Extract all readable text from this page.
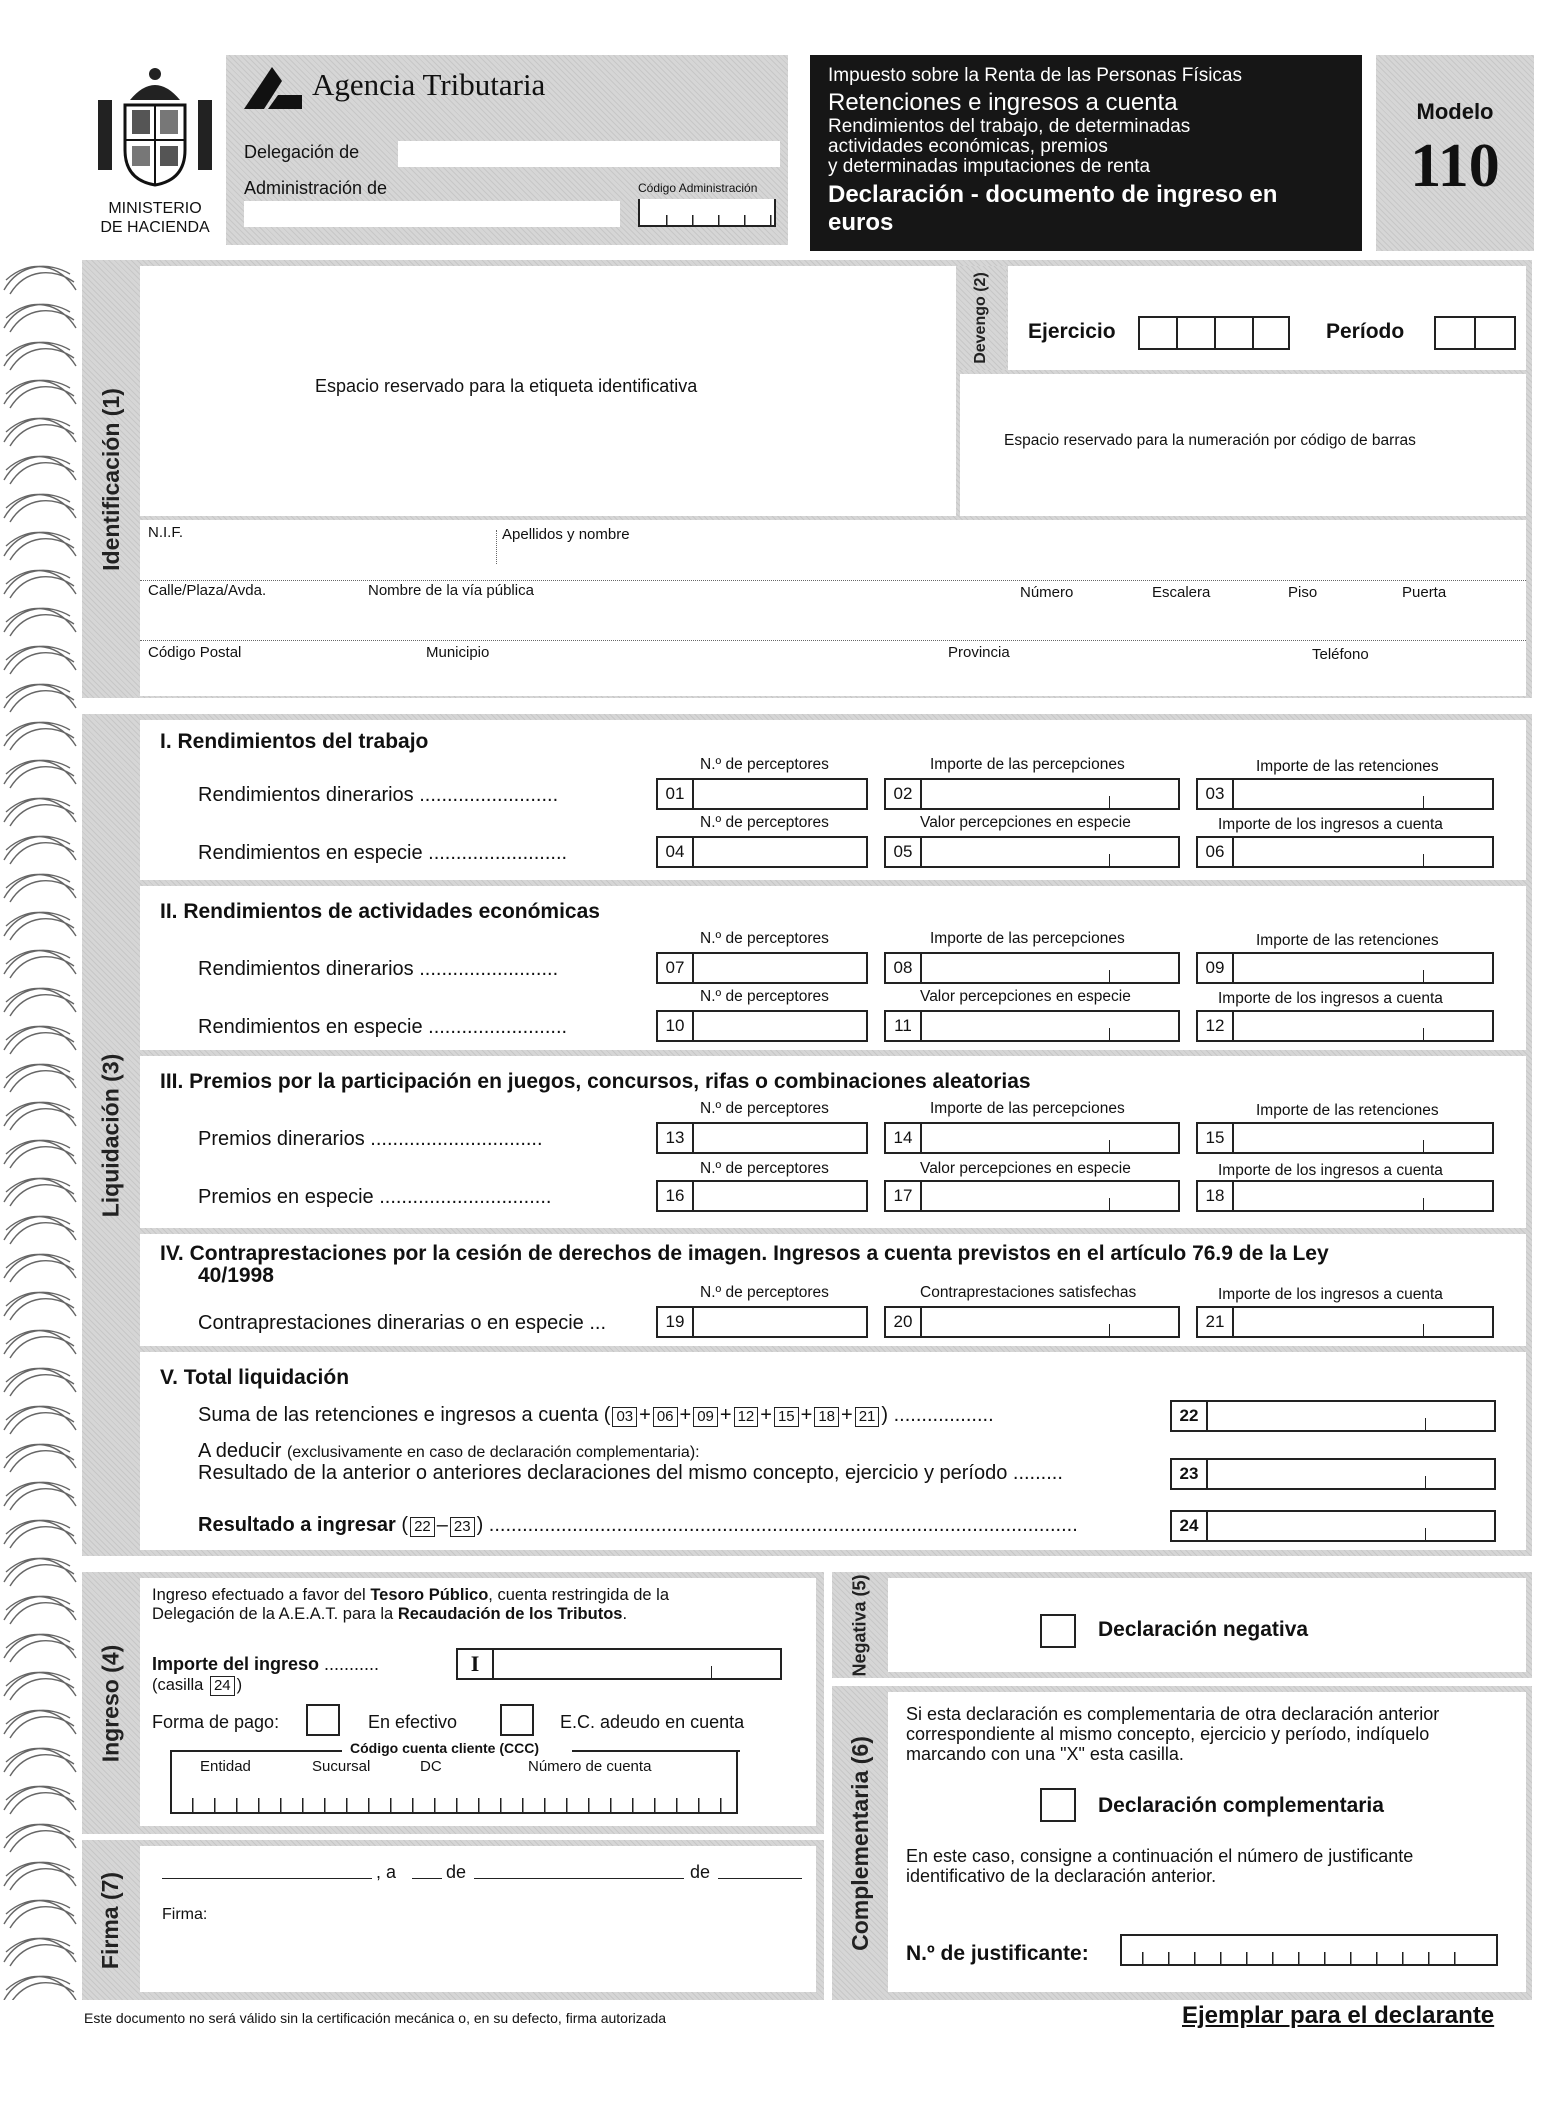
MINISTERIO
DE HACIENDA
Agencia Tributaria
Delegación de
Administración de	Código Administración
Impuesto sobre la Renta de las Personas Físicas
Retenciones e ingresos a cuenta
Rendimientos del trabajo, de determinadas
actividades económicas, premios
y determinadas imputaciones de renta
Declaración - documento de ingreso en euros
Modelo
110
Identificación (1)
Espacio reservado para la etiqueta identificativa
Devengo (2) Ejercicio	Período
Espacio reservado para la numeración por código de barras
N.I.F.	Apellidos y nombre
Calle/Plaza/Avda.	Nombre de la vía pública	Número	Escalera	Piso	Puerta
Código Postal	Municipio	Provincia	Teléfono
Liquidación (3)
I. Rendimientos del trabajo
N.º de perceptores	Importe de las percepciones	Importe de las retenciones
Rendimientos dinerarios .........................	01	02	03
N.º de perceptores	Valor percepciones en especie	Importe de los ingresos a cuenta
Rendimientos en especie .........................	04	05	06
II. Rendimientos de actividades económicas
N.º de perceptores	Importe de las percepciones	Importe de las retenciones
Rendimientos dinerarios .........................	07	08	09
N.º de perceptores	Valor percepciones en especie	Importe de los ingresos a cuenta
Rendimientos en especie .........................	10	11	12
III. Premios por la participación en juegos, concursos, rifas o combinaciones aleatorias
N.º de perceptores	Importe de las percepciones	Importe de las retenciones
Premios dinerarios ...............................	13	14	15
N.º de perceptores	Valor percepciones en especie	Importe de los ingresos a cuenta
Premios en especie ...............................	16	17	18
IV. Contraprestaciones por la cesión de derechos de imagen. Ingresos a cuenta previstos en el artículo 76.9 de la Ley
40/1998
N.º de perceptores	Contraprestaciones satisfechas	Importe de los ingresos a cuenta
Contraprestaciones dinerarias o en especie ...	19	20	21
V. Total liquidación
Suma de las retenciones e ingresos a cuenta ( 03 + 06 + 09 + 12 + 15 + 18 + 21 ) ..................	22
A deducir (exclusivamente en caso de declaración complementaria):
Resultado de la anterior o anteriores declaraciones del mismo concepto, ejercicio y período .........	23
Resultado a ingresar ( 22 – 23 ) ..........................................................................................................	24
Ingreso (4)
Ingreso efectuado a favor del Tesoro Público, cuenta restringida de la
Delegación de la A.E.A.T. para la Recaudación de los Tributos.
Importe del ingreso ...........
(casilla 24 )
I
Forma de pago:	En efectivo	E.C. adeudo en cuenta
Código cuenta cliente (CCC)
Entidad	Sucursal	DC	Número de cuenta
Firma (7)	, a	de	de
Firma:
Negativa (5)	Declaración negativa
Complementaria (6)
Si esta declaración es complementaria de otra declaración anterior correspondiente al mismo concepto, ejercicio y período, indíquelo marcando con una "X" esta casilla.
Declaración complementaria
En este caso, consigne a continuación el número de justificante identificativo de la declaración anterior.
N.º de justificante:
Este documento no será válido sin la certificación mecánica o, en su defecto, firma autorizada	Ejemplar para el declarante
